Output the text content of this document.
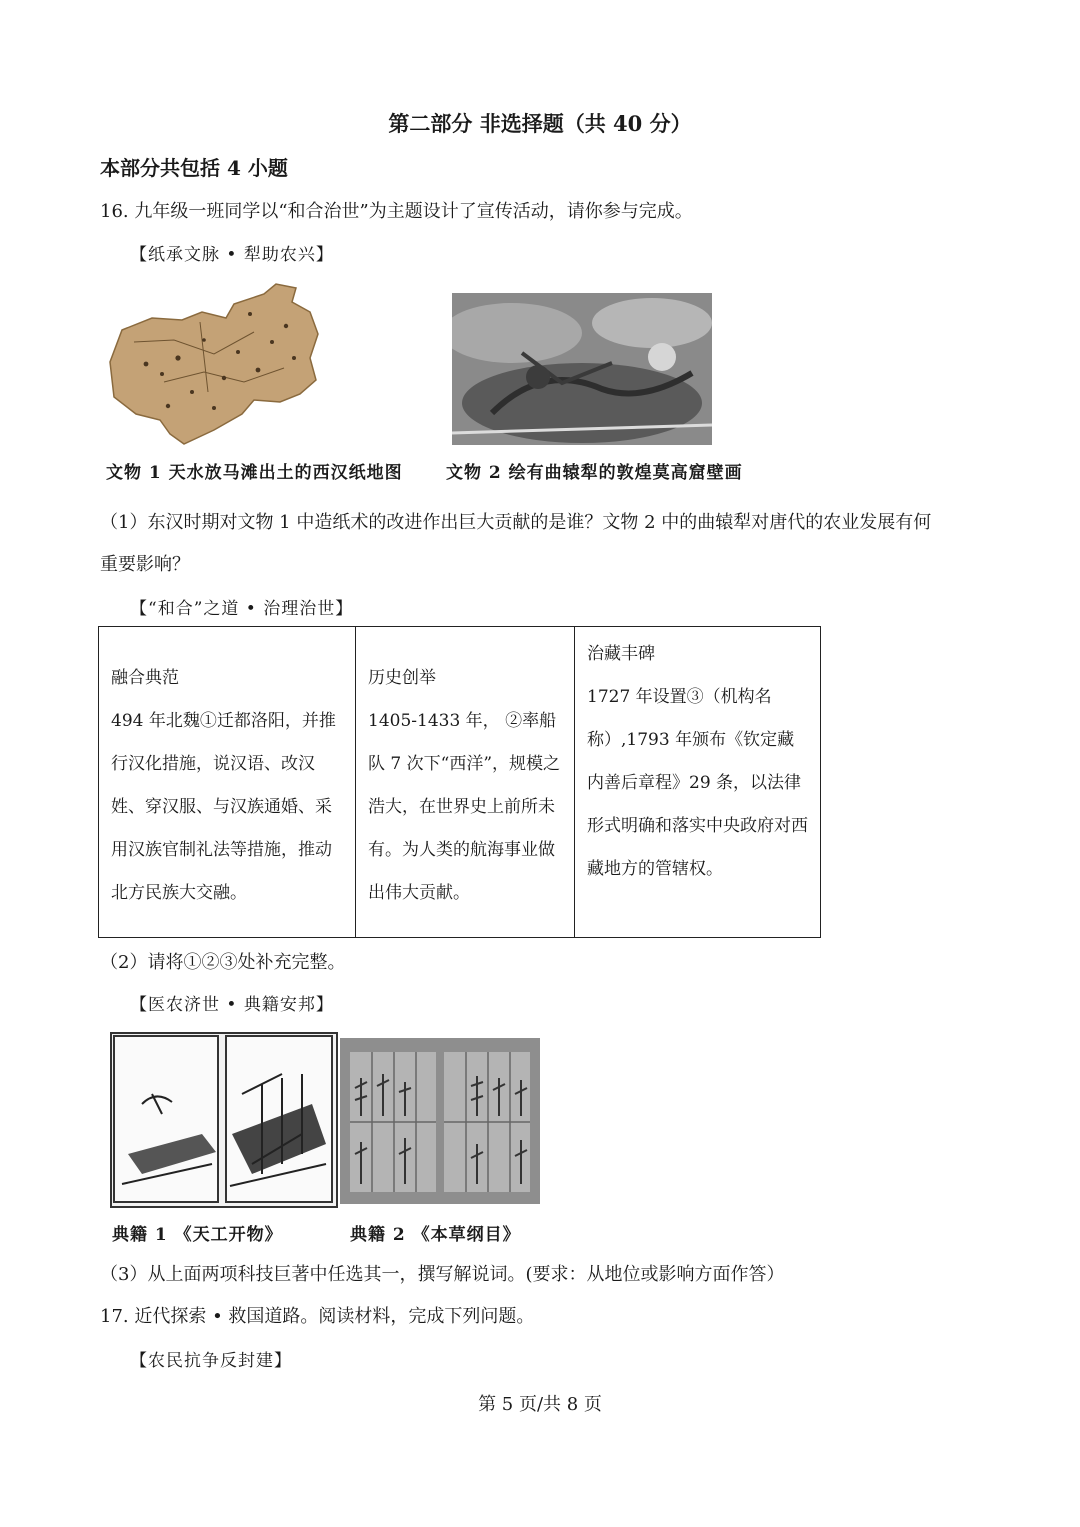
第二部分 非选择题（共 40 分）
本部分共包括 4 小题
16. 九年级一班同学以“和合治世”为主题设计了宣传活动，请你参与完成。
【纸承文脉 • 犁助农兴】
文物 1 天水放马滩出土的西汉纸地图	文物 2 绘有曲辕犁的敦煌莫高窟壁画
（1）东汉时期对文物 1 中造纸术的改进作出巨大贡献的是谁？文物 2 中的曲辕犁对唐代的农业发展有何
重要影响？
【“和合”之道 • 治理治世】
融合典范
494 年北魏①迁都洛阳，并推行汉化措施，说汉语、改汉姓、穿汉服、与汉族通婚、采用汉族官制礼法等措施，推动北方民族大交融。

历史创举
1405-1433 年， ②率船队 7 次下“西洋”，规模之浩大，在世界史上前所未有。为人类的航海事业做出伟大贡献。

治藏丰碑
1727 年设置③（机构名称）,1793 年颁布《钦定藏内善后章程》29 条，以法律形式明确和落实中央政府对西藏地方的管辖权。
（2）请将①②③处补充完整。
【医农济世 • 典籍安邦】
典籍 1 《天工开物》	典籍 2 《本草纲目》
（3）从上面两项科技巨著中任选其一，撰写解说词。(要求：从地位或影响方面作答）
17. 近代探索 • 救国道路。阅读材料，完成下列问题。
【农民抗争反封建】
第 5 页/共 8 页
